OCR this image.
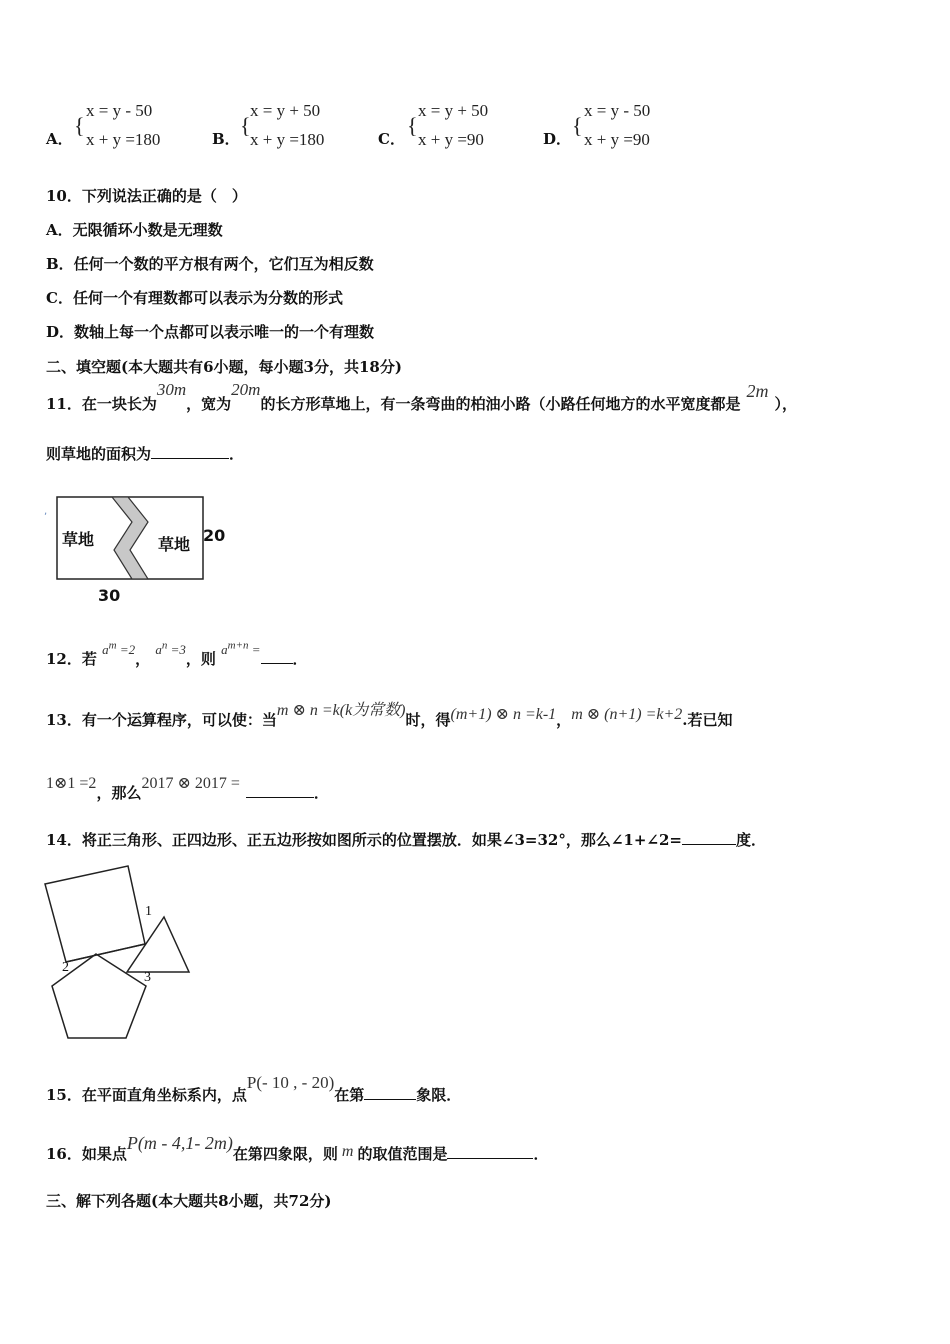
A．
{
x = y - 50
x + y =180	B．
{
x = y + 50
x + y =180	C．
{
x = y + 50
x + y =90	D．
{
x = y - 50
x + y =90
10．下列说法正确的是（　）
A．无限循环小数是无理数
B．任何一个数的平方根有两个，它们互为相反数
C．任何一个有理数都可以表示为分数的形式
D．数轴上每一个点都可以表示唯一的一个有理数
二、填空题(本大题共有6小题，每小题3分，共18分)
11．在一块长为30m，宽为20m的长方形草地上，有一条弯曲的柏油小路（小路任何地方的水平宽度都是2m），
则草地的面积为	．
,
草地	草地 20
30
12．若 $a^m =2$， $a^n =3$，则 $a^{m+n}$ =．
13．有一个运算程序，可以使：当m ⊗ n =k(k为常数)时，得(m+1) ⊗ n =k-1，m ⊗ (n+1) =k+2.若已知
1⊗1 =2，那么2017 ⊗ 2017 =．
14．将正三角形、正四边形、正五边形按如图所示的位置摆放．如果∠3=32°，那么∠1+∠2=	度．
1
2
3
15．在平面直角坐标系内，点P(- 10 , - 20)在第	象限．
16．如果点P(m - 4,1- 2m)在第四象限，则 m 的取值范围是	．
三、解下列各题(本大题共8小题，共72分)
